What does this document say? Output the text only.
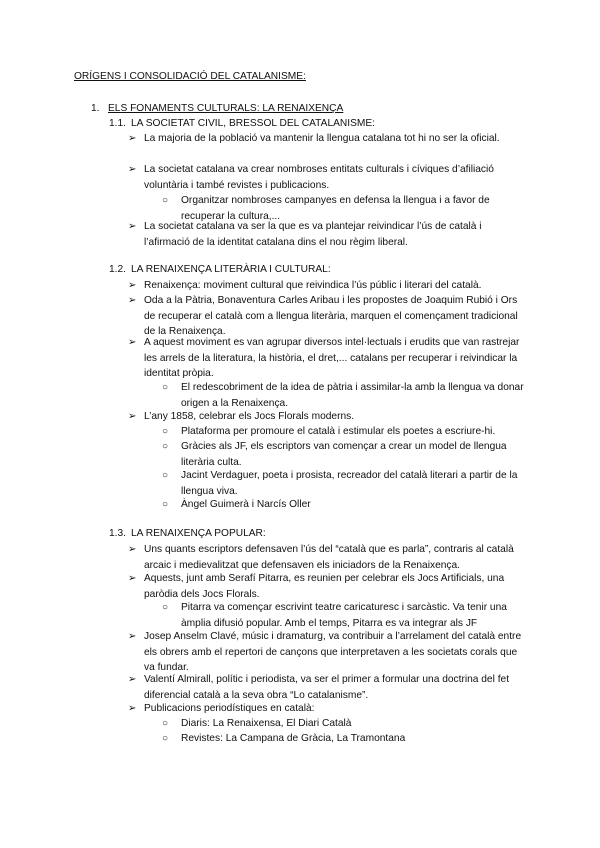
ORÍGENS I CONSOLIDACIÓ DEL CATALANISME:
1. ELS FONAMENTS CULTURALS: LA RENAIXENÇA
1.1. LA SOCIETAT CIVIL, BRESSOL DEL CATALANISME:
➢ La majoria de la població va mantenir la llengua catalana tot hi no ser la oficial.
➢ La societat catalana va crear nombroses entitats culturals i cíviques d’afiliació voluntària i també revistes i publicacions.
○ Organitzar nombroses campanyes en defensa la llengua i a favor de recuperar la cultura,...
➢ La societat catalana va ser la que es va plantejar reivindicar l’ús de català i l’afirmació de la identitat catalana dins el nou règim liberal.
1.2. LA RENAIXENÇA LITERÀRIA I CULTURAL:
➢ Renaixença: moviment cultural que reivindica l’ús públic i literari del català.
➢ Oda a la Pàtria, Bonaventura Carles Aribau i les propostes de Joaquim Rubió i Ors de recuperar el català com a llengua literària, marquen el començament tradicional de la Renaixença.
➢ A aquest moviment es van agrupar diversos intel·lectuals i erudits que van rastrejar les arrels de la literatura, la història, el dret,... catalans per recuperar i reivindicar la identitat pròpia.
○ El redescobriment de la idea de pàtria i assimilar-la amb la llengua va donar origen a la Renaixença.
➢ L’any 1858, celebrar els Jocs Florals moderns.
○ Plataforma per promoure el català i estimular els poetes a escriure-hi.
○ Gràcies als JF, els escriptors van començar a crear un model de llengua literària culta.
○ Jacint Verdaguer, poeta i prosista, recreador del català literari a partir de la llengua viva.
○ Àngel Guimerà i Narcís Oller
1.3. LA RENAIXENÇA POPULAR:
➢ Uns quants escriptors defensaven l’ús del “català que es parla”, contraris al català arcaic i medievalitzat que defensaven els iniciadors de la Renaixença.
➢ Aquests, junt amb Serafí Pitarra, es reunien per celebrar els Jocs Artificials, una paròdia dels Jocs Florals.
○ Pitarra va començar escrivint teatre caricaturesc i sarcàstic. Va tenir una àmplia difusió popular. Amb el temps, Pitarra es va integrar als JF
➢ Josep Anselm Clavé, músic i dramaturg, va contribuir a l’arrelament del català entre els obrers amb el repertori de cançons que interpretaven a les societats corals que va fundar.
➢ Valentí Almirall, polític i periodista, va ser el primer a formular una doctrina del fet diferencial català a la seva obra “Lo catalanisme”.
➢ Publicacions periodístiques en català:
○ Diaris: La Renaixensa, El Diari Català
○ Revistes: La Campana de Gràcia, La Tramontana
